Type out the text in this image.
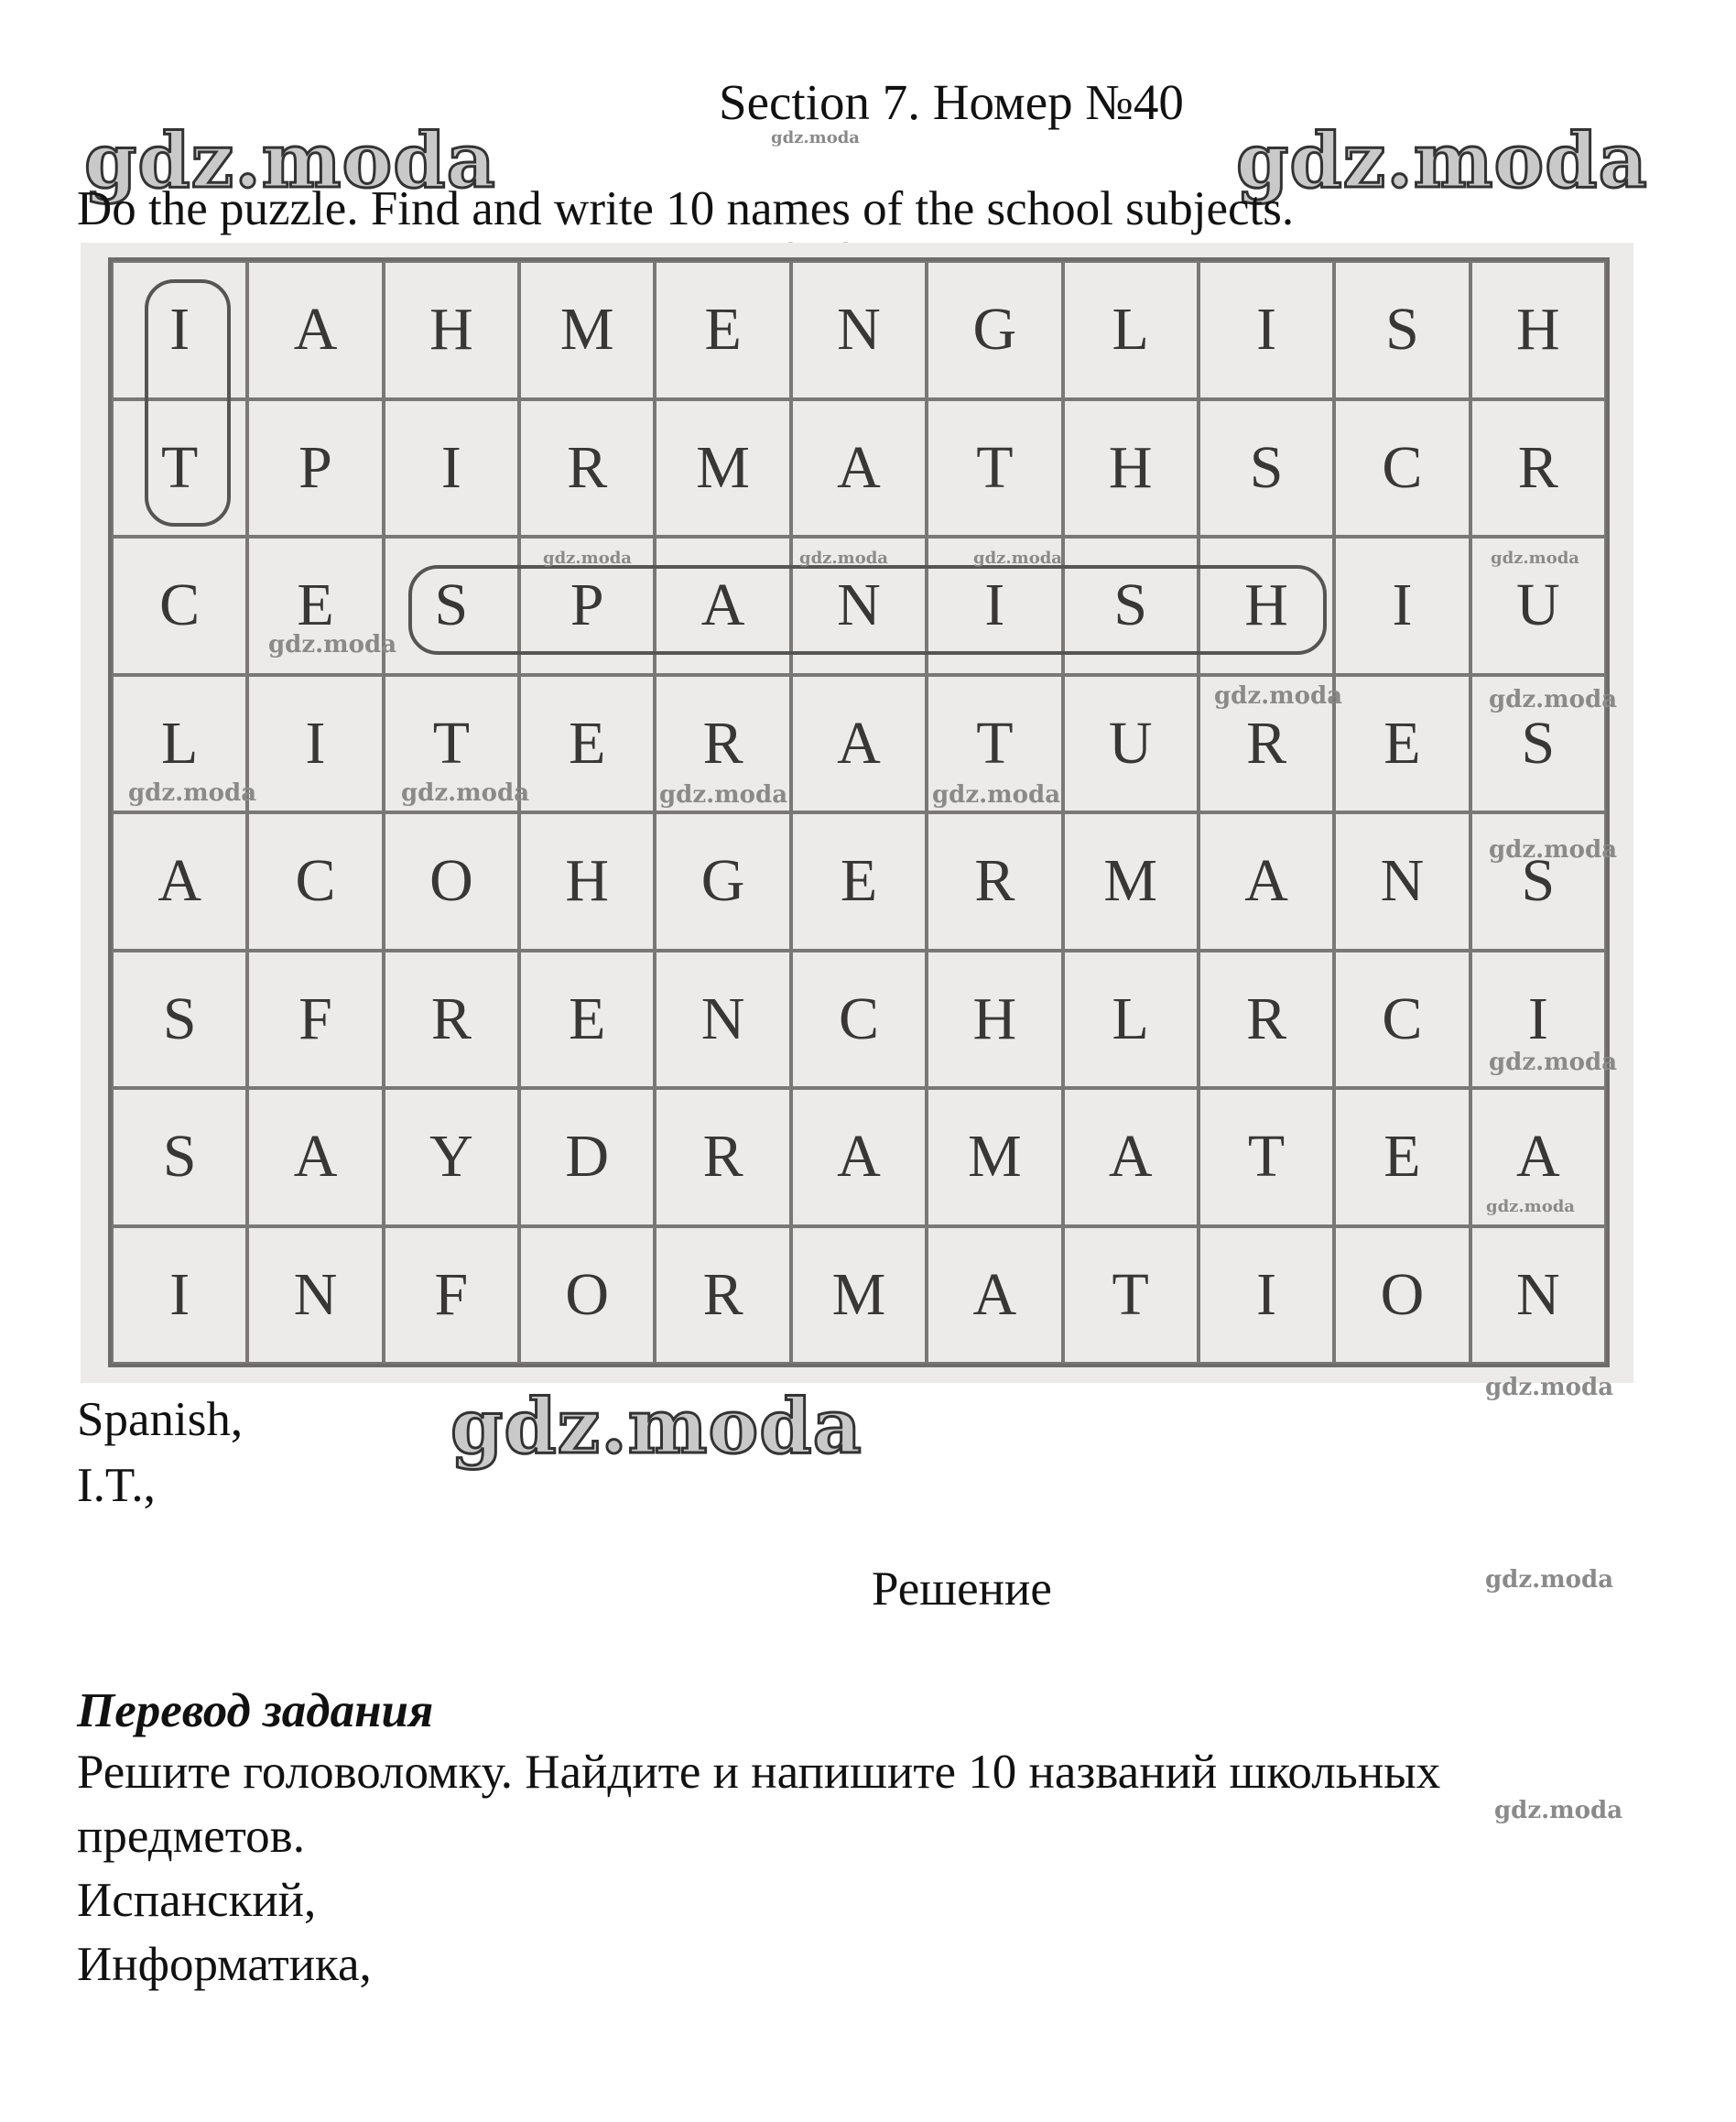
Section 7. Номер №40
gdz.moda	gdz.moda
gdz.moda
Do the puzzle. Find and write 10 names of the school subjects.
I	A	H	M	E	N	G	L	I	S	H
T	P	I	R	M	A	T	H	S	C	R
C	E	S	P	A	N	I	S	H	I	U
L	I	T	E	R	A	T	U	R	E	S
A	C	O	H	G	E	R	M	A	N	S
S	F	R	E	N	C	H	L	R	C	I
S	A	Y	D	R	A	M	A	T	E	A
I	N	F	O	R	M	A	T	I	O	N
gdz.moda	gdz.moda	gdz.moda	gdz.moda
gdz.moda
gdz.moda	gdz.moda
gdz.moda	gdz.moda	gdz.moda	gdz.moda
gdz.moda
gdz.moda
gdz.moda
gdz.moda
Spanish,
I.T.,
gdz.moda
Решение	gdz.moda
Перевод задания
Решите головоломку. Найдите и напишите 10 названий школьных
gdz.moda
предметов.
Испанский,
Информатика,
